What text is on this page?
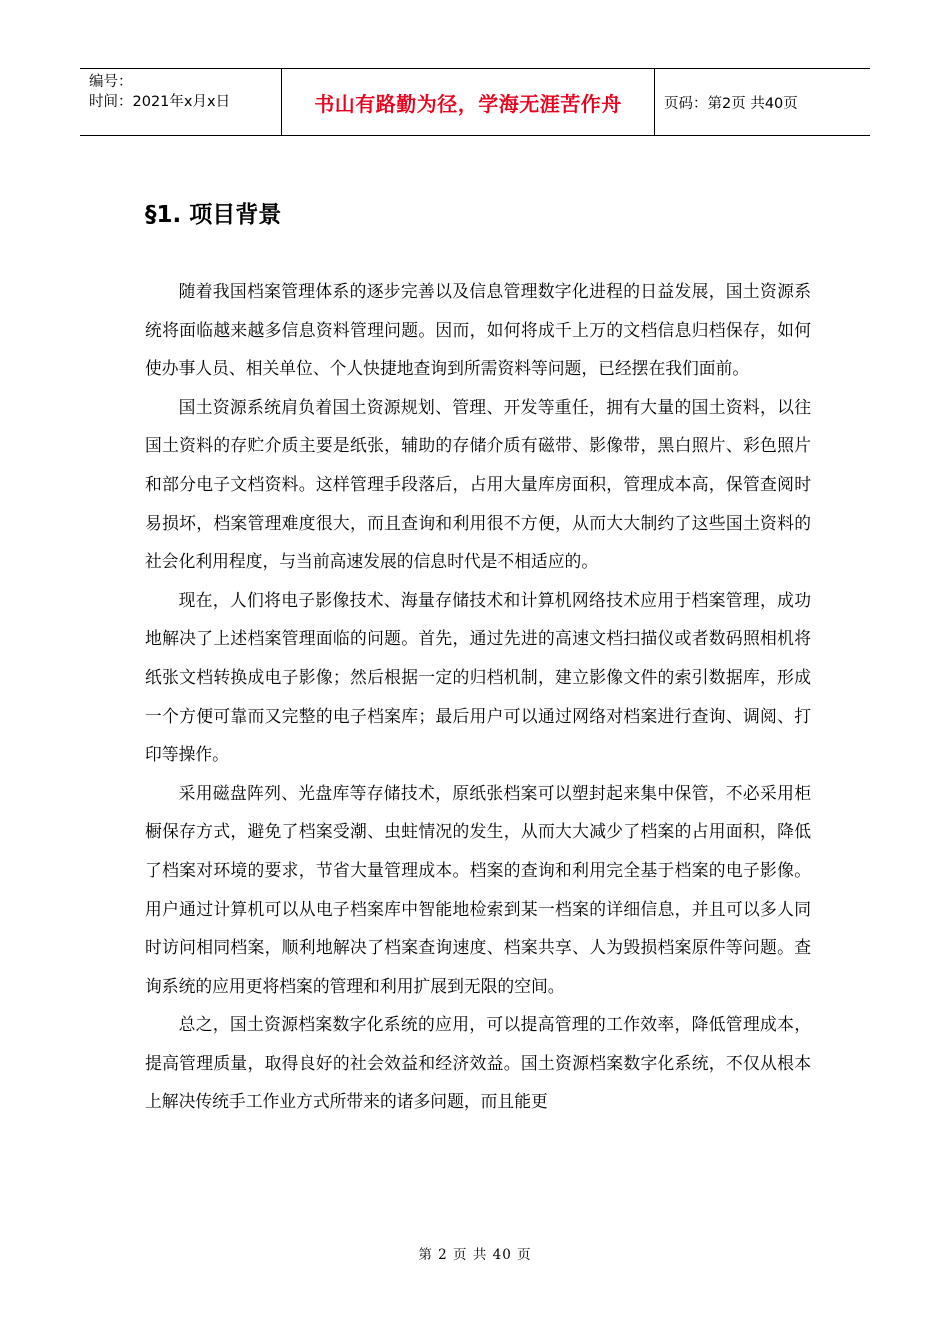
编号：
时间：2021年x月x日	书山有路勤为径，学海无涯苦作舟	页码：第2页 共40页
§1. 项目背景

随着我国档案管理体系的逐步完善以及信息管理数字化进程的日益发展，国土资源系统将面临越来越多信息资料管理问题。因而，如何将成千上万的文档信息归档保存，如何使办事人员、相关单位、个人快捷地查询到所需资料等问题，已经摆在我们面前。

国土资源系统肩负着国土资源规划、管理、开发等重任，拥有大量的国土资料，以往国土资料的存贮介质主要是纸张，辅助的存储介质有磁带、影像带，黑白照片、彩色照片和部分电子文档资料。这样管理手段落后，占用大量库房面积，管理成本高，保管查阅时易损坏，档案管理难度很大，而且查询和利用很不方便，从而大大制约了这些国土资料的社会化利用程度，与当前高速发展的信息时代是不相适应的。

现在，人们将电子影像技术、海量存储技术和计算机网络技术应用于档案管理，成功地解决了上述档案管理面临的问题。首先，通过先进的高速文档扫描仪或者数码照相机将纸张文档转换成电子影像；然后根据一定的归档机制，建立影像文件的索引数据库，形成一个方便可靠而又完整的电子档案库；最后用户可以通过网络对档案进行查询、调阅、打印等操作。

采用磁盘阵列、光盘库等存储技术，原纸张档案可以塑封起来集中保管，不必采用柜橱保存方式，避免了档案受潮、虫蛀情况的发生，从而大大减少了档案的占用面积，降低了档案对环境的要求，节省大量管理成本。档案的查询和利用完全基于档案的电子影像。用户通过计算机可以从电子档案库中智能地检索到某一档案的详细信息，并且可以多人同时访问相同档案，顺利地解决了档案查询速度、档案共享、人为毁损档案原件等问题。查询系统的应用更将档案的管理和利用扩展到无限的空间。

总之，国土资源档案数字化系统的应用，可以提高管理的工作效率，降低管理成本，提高管理质量，取得良好的社会效益和经济效益。国土资源档案数字化系统，不仅从根本上解决传统手工作业方式所带来的诸多问题，而且能更

第 2 页 共 40 页
